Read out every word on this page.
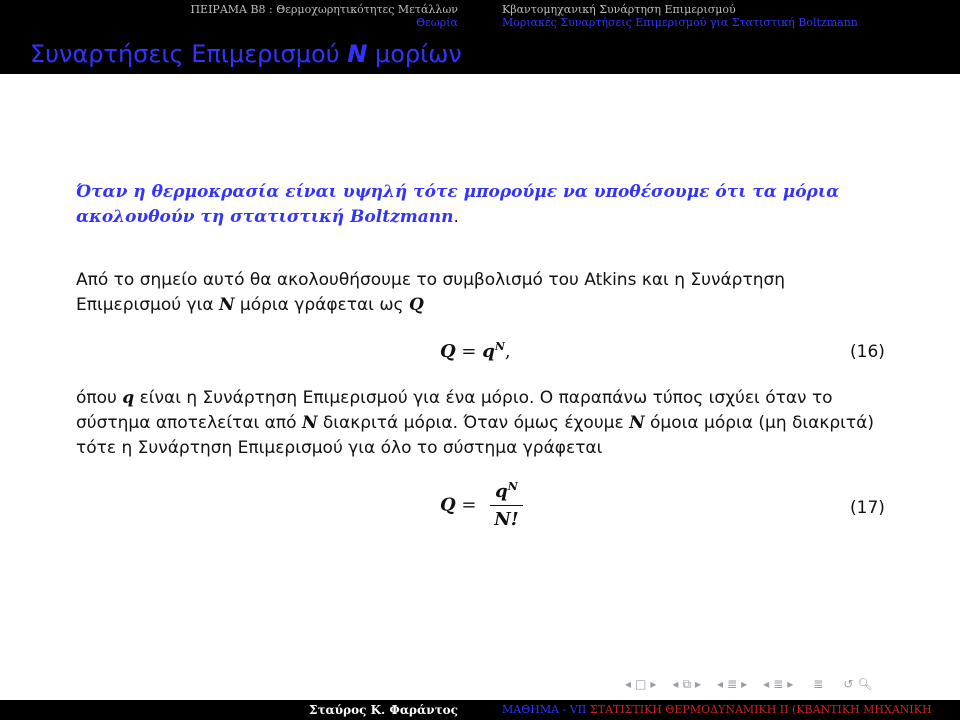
ΠΕΙΡΑΜΑ B8 : Θερμοχωρητικότητες Μετάλλων
Θεωρία
Κβαντομηχανική Συνάρτηση Επιμερισμού
Μοριακές Συναρτήσεις Επιμερισμού για Στατιστική Boltzmann
Συναρτήσεις Επιμερισμού N μορίων
Όταν η θερμοκρασία είναι υψηλή τότε μπορούμε να υποθέσουμε ότι τα μόρια ακολουθούν τη στατιστική Boltzmann.
Από το σημείο αυτό θα ακολουθήσουμε το συμβολισμό του Atkins και η Συνάρτηση Επιμερισμού για N μόρια γράφεται ως Q
$Q = q^N$,	(16)
όπου q είναι η Συνάρτηση Επιμερισμού για ένα μόριο. Ο παραπάνω τύπος ισχύει όταν το σύστημα αποτελείται από N διακριτά μόρια. Όταν όμως έχουμε N όμοια μόρια (μη διακριτά) τότε η Συνάρτηση Επιμερισμού για όλο το σύστημα γράφεται
$Q = \frac{q^N}{N!}$	(17)
◂ □ ▸ ◂ ⧉ ▸ ◂ ≣ ▸ ◂ ≣ ▸ ≣ ↺ 🔍︎
Σταύρος Κ. Φαράντος	ΜΑΘΗΜΑ - VII ΣΤΑΤΙΣΤΙΚΗ ΘΕΡΜΟΔΥΝΑΜΙΚΗ II (ΚΒΑΝΤΙΚΗ ΜΗΧΑΝΙΚΗ
